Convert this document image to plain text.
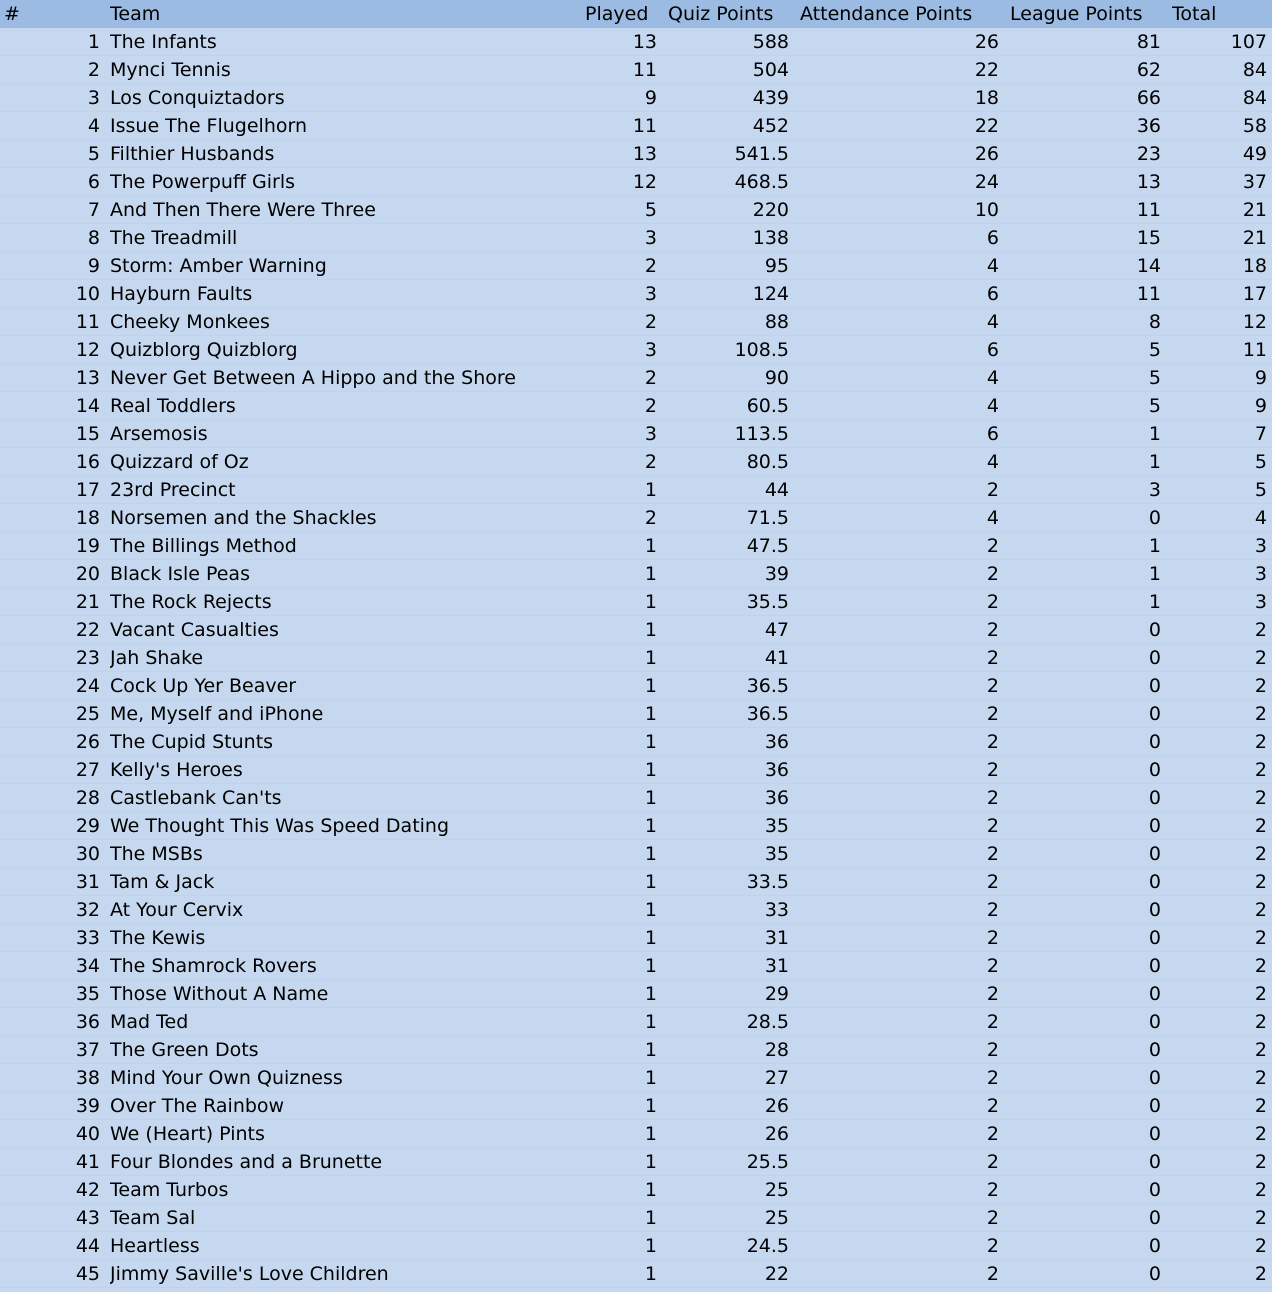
#	Team	Played	Quiz Points	Attendance Points	League Points	Total
1 The Infants	13	588	26	81	107
2 Mynci Tennis	11	504	22	62	84
3 Los Conquiztadors	9	439	18	66	84
4 Issue The Flugelhorn	11	452	22	36	58
5 Filthier Husbands	13	541.5	26	23	49
6 The Powerpuff Girls	12	468.5	24	13	37
7 And Then There Were Three	5	220	10	11	21
8 The Treadmill	3	138	6	15	21
9 Storm: Amber Warning	2	95	4	14	18
10 Hayburn Faults	3	124	6	11	17
11 Cheeky Monkees	2	88	4	8	12
12 Quizblorg Quizblorg	3	108.5	6	5	11
13 Never Get Between A Hippo and the Shore	2	90	4	5	9
14 Real Toddlers	2	60.5	4	5	9
15 Arsemosis	3	113.5	6	1	7
16 Quizzard of Oz	2	80.5	4	1	5
17 23rd Precinct	1	44	2	3	5
18 Norsemen and the Shackles	2	71.5	4	0	4
19 The Billings Method	1	47.5	2	1	3
20 Black Isle Peas	1	39	2	1	3
21 The Rock Rejects	1	35.5	2	1	3
22 Vacant Casualties	1	47	2	0	2
23 Jah Shake	1	41	2	0	2
24 Cock Up Yer Beaver	1	36.5	2	0	2
25 Me, Myself and iPhone	1	36.5	2	0	2
26 The Cupid Stunts	1	36	2	0	2
27 Kelly's Heroes	1	36	2	0	2
28 Castlebank Can'ts	1	36	2	0	2
29 We Thought This Was Speed Dating	1	35	2	0	2
30 The MSBs	1	35	2	0	2
31 Tam & Jack	1	33.5	2	0	2
32 At Your Cervix	1	33	2	0	2
33 The Kewis	1	31	2	0	2
34 The Shamrock Rovers	1	31	2	0	2
35 Those Without A Name	1	29	2	0	2
36 Mad Ted	1	28.5	2	0	2
37 The Green Dots	1	28	2	0	2
38 Mind Your Own Quizness	1	27	2	0	2
39 Over The Rainbow	1	26	2	0	2
40 We (Heart) Pints	1	26	2	0	2
41 Four Blondes and a Brunette	1	25.5	2	0	2
42 Team Turbos	1	25	2	0	2
43 Team Sal	1	25	2	0	2
44 Heartless	1	24.5	2	0	2
45 Jimmy Saville's Love Children	1	22	2	0	2
